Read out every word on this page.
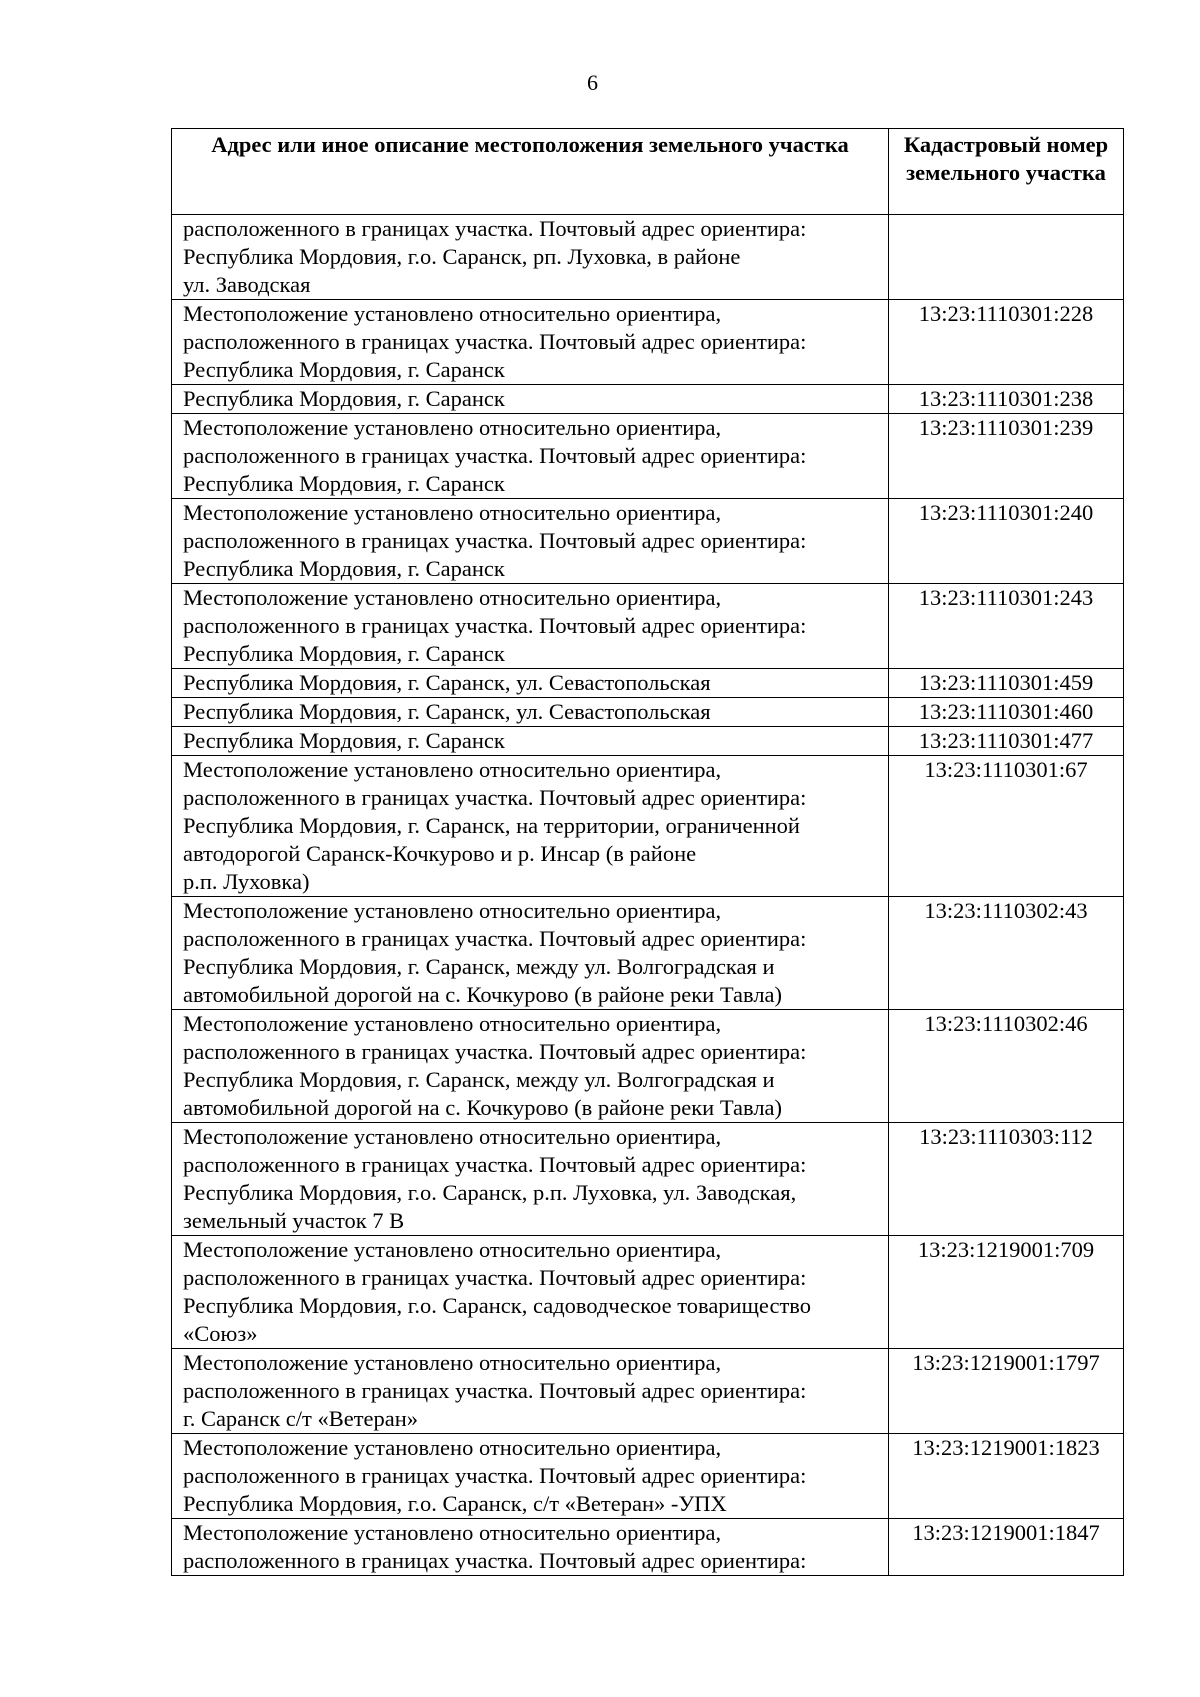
6
Адрес или иное описание местоположения земельного участка	Кадастровый номер земельного участка
расположенного в границах участка. Почтовый адрес ориентира:
Республика Мордовия, г.о. Саранск, рп. Луховка, в районе
ул. Заводская	
Местоположение установлено относительно ориентира,
расположенного в границах участка. Почтовый адрес ориентира:
Республика Мордовия, г. Саранск	13:23:1110301:228
Республика Мордовия, г. Саранск	13:23:1110301:238
Местоположение установлено относительно ориентира,
расположенного в границах участка. Почтовый адрес ориентира:
Республика Мордовия, г. Саранск	13:23:1110301:239
Местоположение установлено относительно ориентира,
расположенного в границах участка. Почтовый адрес ориентира:
Республика Мордовия, г. Саранск	13:23:1110301:240
Местоположение установлено относительно ориентира,
расположенного в границах участка. Почтовый адрес ориентира:
Республика Мордовия, г. Саранск	13:23:1110301:243
Республика Мордовия, г. Саранск, ул. Севастопольская	13:23:1110301:459
Республика Мордовия, г. Саранск, ул. Севастопольская	13:23:1110301:460
Республика Мордовия, г. Саранск	13:23:1110301:477
Местоположение установлено относительно ориентира,
расположенного в границах участка. Почтовый адрес ориентира:
Республика Мордовия, г. Саранск, на территории, ограниченной
автодорогой Саранск-Кочкурово и р. Инсар (в районе
р.п. Луховка)	13:23:1110301:67
Местоположение установлено относительно ориентира,
расположенного в границах участка. Почтовый адрес ориентира:
Республика Мордовия, г. Саранск, между ул. Волгоградская и
автомобильной дорогой на с. Кочкурово (в районе реки Тавла)	13:23:1110302:43
Местоположение установлено относительно ориентира,
расположенного в границах участка. Почтовый адрес ориентира:
Республика Мордовия, г. Саранск, между ул. Волгоградская и
автомобильной дорогой на с. Кочкурово (в районе реки Тавла)	13:23:1110302:46
Местоположение установлено относительно ориентира,
расположенного в границах участка. Почтовый адрес ориентира:
Республика Мордовия, г.о. Саранск, р.п. Луховка, ул. Заводская,
земельный участок 7 В	13:23:1110303:112
Местоположение установлено относительно ориентира,
расположенного в границах участка. Почтовый адрес ориентира:
Республика Мордовия, г.о. Саранск, садоводческое товарищество
«Союз»	13:23:1219001:709
Местоположение установлено относительно ориентира,
расположенного в границах участка. Почтовый адрес ориентира:
г. Саранск с/т «Ветеран»	13:23:1219001:1797
Местоположение установлено относительно ориентира,
расположенного в границах участка. Почтовый адрес ориентира:
Республика Мордовия, г.о. Саранск, с/т «Ветеран» -УПХ	13:23:1219001:1823
Местоположение установлено относительно ориентира,
расположенного в границах участка. Почтовый адрес ориентира:	13:23:1219001:1847
